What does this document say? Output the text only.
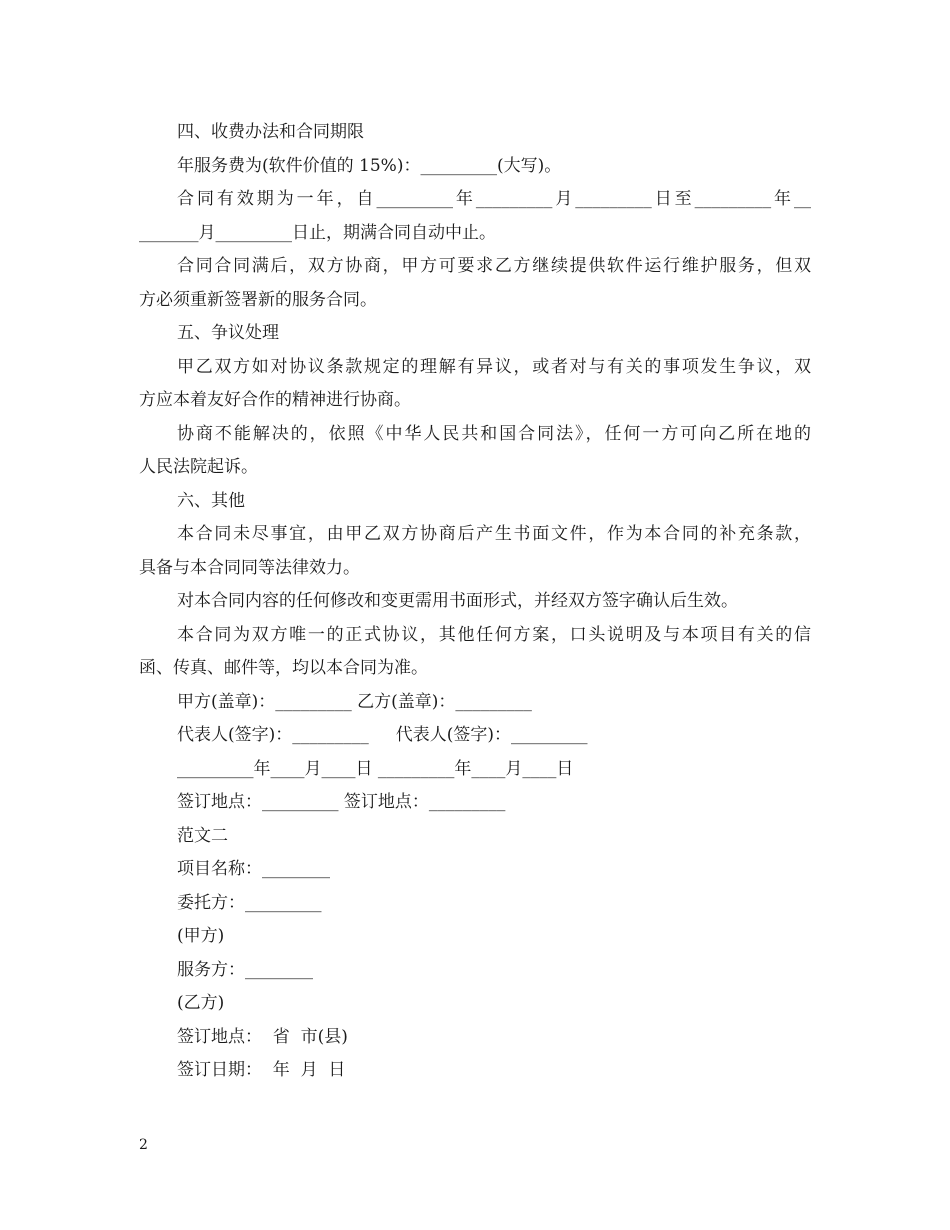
四、收费办法和合同期限
年服务费为(软件价值的 15%)：_________(大写)。
合同有效期为一年，自_________年_________月_________日至_________年__
_______月_________日止，期满合同自动中止。
合同合同满后，双方协商，甲方可要求乙方继续提供软件运行维护服务，但双
方必须重新签署新的服务合同。
五、争议处理
甲乙双方如对协议条款规定的理解有异议，或者对与有关的事项发生争议，双
方应本着友好合作的精神进行协商。
协商不能解决的，依照《中华人民共和国合同法》，任何一方可向乙所在地的
人民法院起诉。
六、其他
本合同未尽事宜，由甲乙双方协商后产生书面文件，作为本合同的补充条款，
具备与本合同同等法律效力。
对本合同内容的任何修改和变更需用书面形式，并经双方签字确认后生效。
本合同为双方唯一的正式协议，其他任何方案，口头说明及与本项目有关的信
函、传真、邮件等，均以本合同为准。
甲方(盖章)：_________ 乙方(盖章)：_________
代表人(签字)：_________     代表人(签字)：_________
_________年____月____日 _________年____月____日
签订地点：_________ 签订地点：_________
范文二
项目名称：________
委托方：_________
(甲方)
服务方：________
(乙方)
签订地点：  省  市(县)
签订日期：  年  月  日
2
